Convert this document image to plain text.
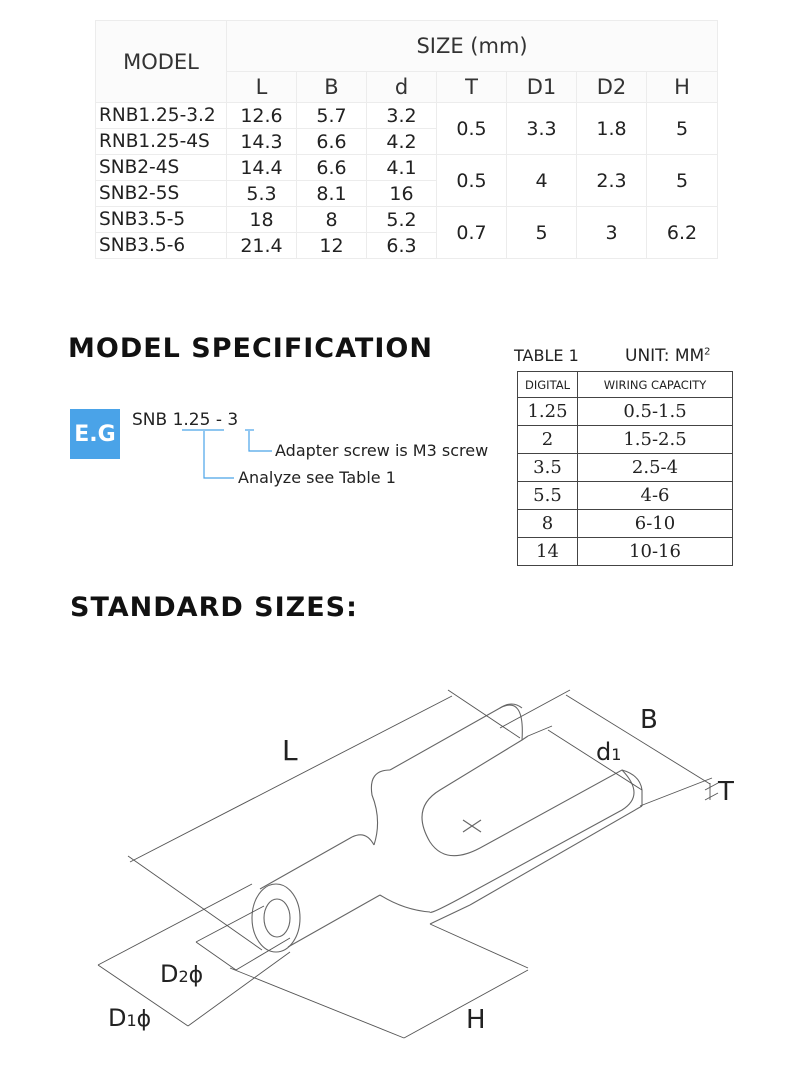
MODEL	SIZE (mm)						
	L	B	d	T	D1	D2	H
RNB1.25-3.2	12.6	5.7	3.2	0.5	3.3	1.8	5
RNB1.25-4S	14.3	6.6	4.2				
SNB2-4S	14.4	6.6	4.1	0.5	4	2.3	5
SNB2-5S	5.3	8.1	16				
SNB3.5-5	18	8	5.2	0.7	5	3	6.2
SNB3.5-6	21.4	12	6.3				
MODEL SPECIFICATION
E.G
SNB 1.25 - 3
Adapter screw is M3 screw
Analyze see Table 1
TABLE 1	UNIT: $MM^2$
DIGITAL	WIRING CAPACITY
1.25	0.5-1.5
2	1.5-2.5
3.5	2.5-4
5.5	4-6
8	6-10
14	10-16
STANDARD SIZES:
L
B
d1
T
D2ϕ
D1ϕ	H
